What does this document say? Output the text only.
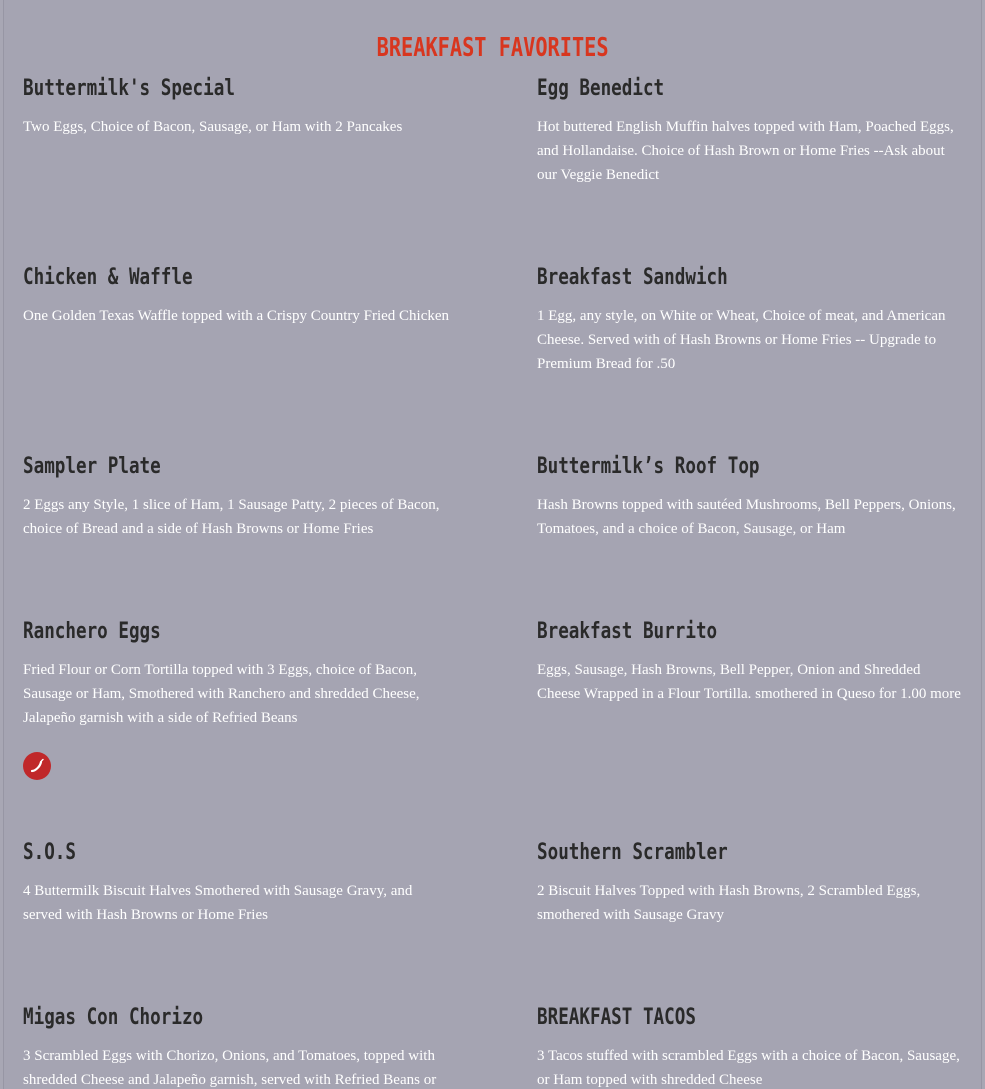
BREAKFAST FAVORITES
Buttermilk's Special

Two Eggs, Choice of Bacon, Sausage, or Ham with 2 Pancakes

Egg Benedict

Hot buttered English Muffin halves topped with Ham, Poached Eggs, and Hollandaise. Choice of Hash Brown or Home Fries --Ask about our Veggie Benedict

Chicken & Waffle

One Golden Texas Waffle topped with a Crispy Country Fried Chicken

Breakfast Sandwich

1 Egg, any style, on White or Wheat, Choice of meat, and American Cheese. Served with of Hash Browns or Home Fries -- Upgrade to Premium Bread for .50

Sampler Plate

2 Eggs any Style, 1 slice of Ham, 1 Sausage Patty, 2 pieces of Bacon, choice of Bread and a side of Hash Browns or Home Fries

Buttermilk’s Roof Top

Hash Browns topped with sautéed Mushrooms, Bell Peppers, Onions, Tomatoes, and a choice of Bacon, Sausage, or Ham

Ranchero Eggs

Fried Flour or Corn Tortilla topped with 3 Eggs, choice of Bacon, Sausage or Ham, Smothered with Ranchero and shredded Cheese, Jalapeño garnish with a side of Refried Beans

Breakfast Burrito

Eggs, Sausage, Hash Browns, Bell Pepper, Onion and Shredded Cheese Wrapped in a Flour Tortilla. smothered in Queso for 1.00 more

S.O.S

4 Buttermilk Biscuit Halves Smothered with Sausage Gravy, and served with Hash Browns or Home Fries

Southern Scrambler

2 Biscuit Halves Topped with Hash Browns, 2 Scrambled Eggs, smothered with Sausage Gravy

Migas Con Chorizo

3 Scrambled Eggs with Chorizo, Onions, and Tomatoes, topped with shredded Cheese and Jalapeño garnish, served with Refried Beans or

BREAKFAST TACOS

3 Tacos stuffed with scrambled Eggs with a choice of Bacon, Sausage, or Ham topped with shredded Cheese
